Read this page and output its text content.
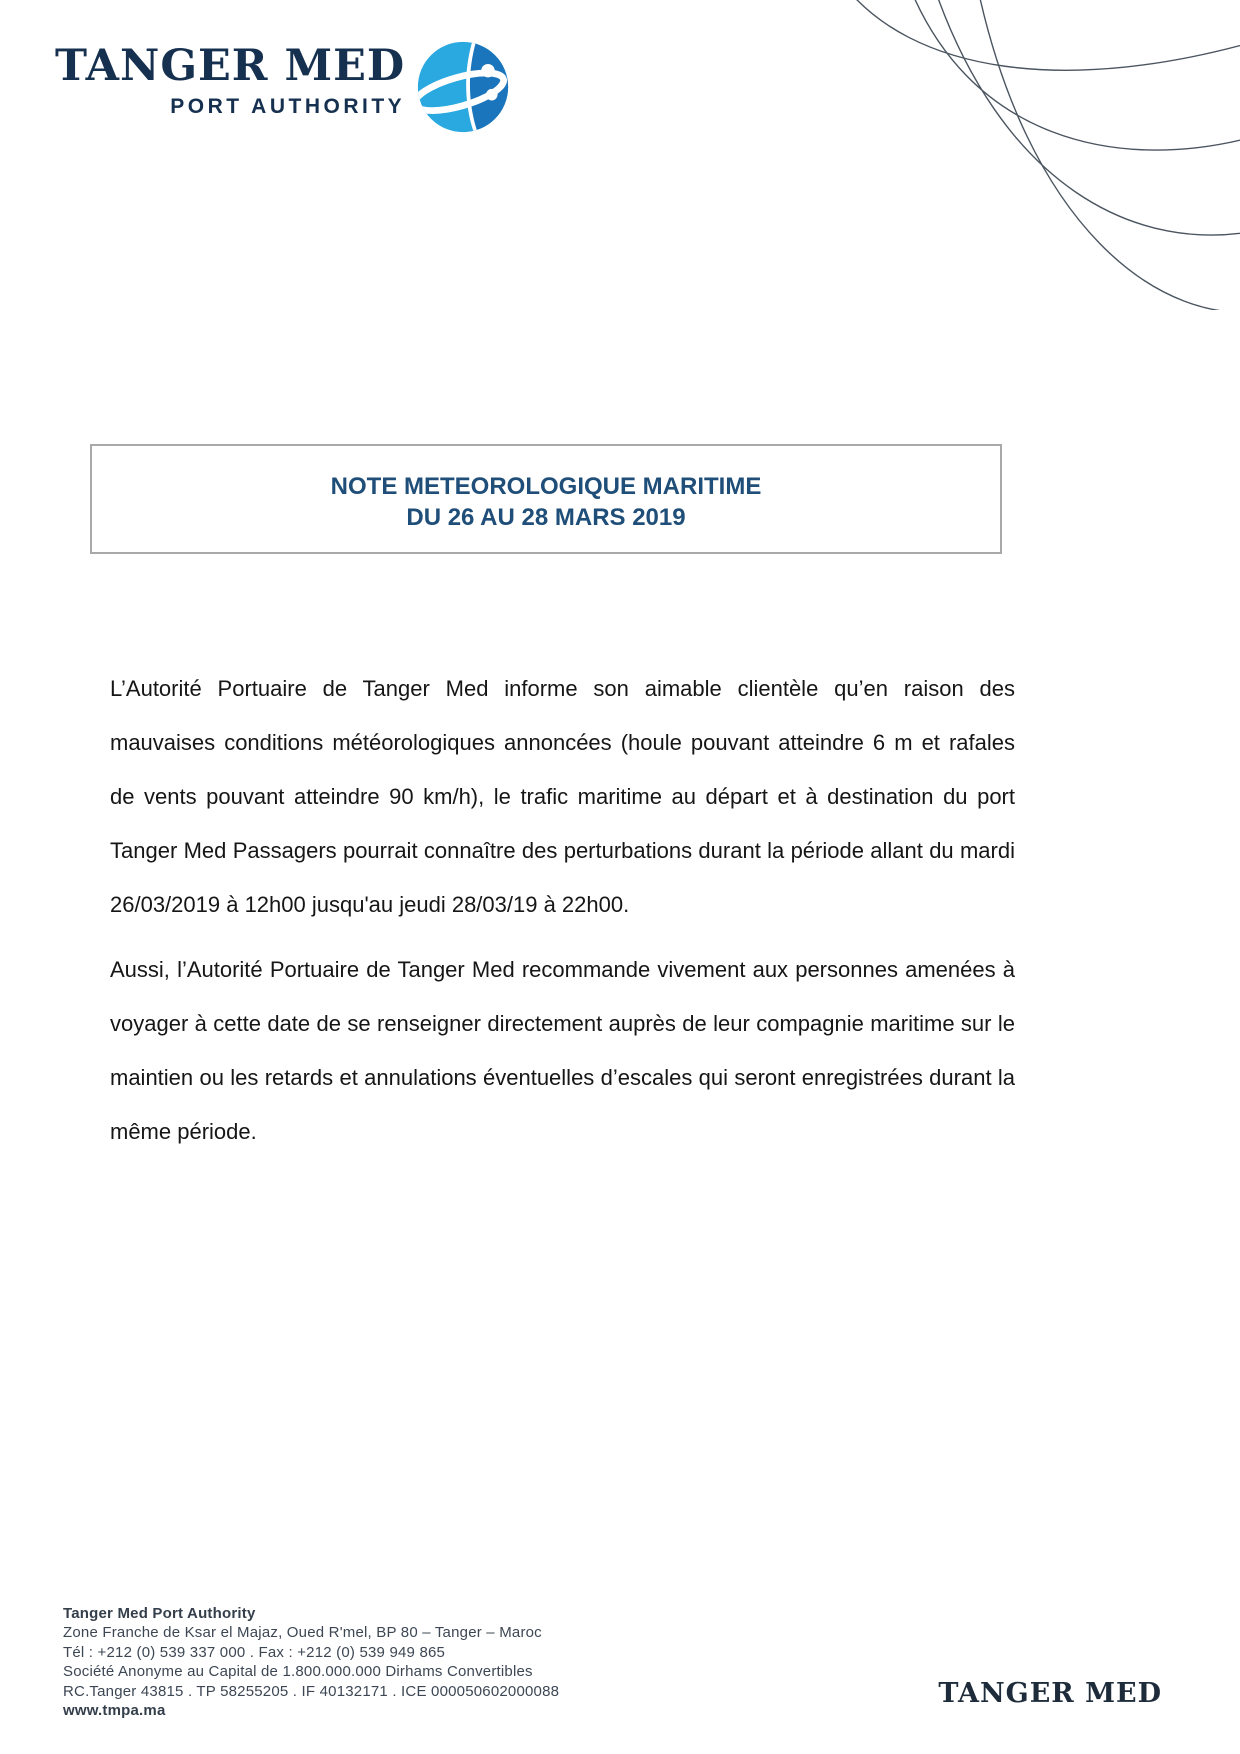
TANGER MED
PORT AUTHORITY
NOTE METEOROLOGIQUE MARITIME
DU 26 AU 28 MARS 2019

L’Autorité Portuaire de Tanger Med informe son aimable clientèle qu’en raison des mauvaises conditions météorologiques annoncées (houle pouvant atteindre 6 m et rafales de vents pouvant atteindre 90 km/h), le trafic maritime au départ et à destination du port Tanger Med Passagers pourrait connaître des perturbations durant la période allant du mardi 26/03/2019 à 12h00 jusqu'au jeudi 28/03/19 à 22h00.

Aussi, l’Autorité Portuaire de Tanger Med recommande vivement aux personnes amenées à voyager à cette date de se renseigner directement auprès de leur compagnie maritime sur le maintien ou les retards et annulations éventuelles d’escales qui seront enregistrées durant la même période.

Tanger Med Port Authority
Zone Franche de Ksar el Majaz, Oued R'mel, BP 80 – Tanger – Maroc
Tél : +212 (0) 539 337 000 . Fax : +212 (0) 539 949 865
Société Anonyme au Capital de 1.800.000.000 Dirhams Convertibles
RC.Tanger 43815 . TP 58255205 . IF 40132171 . ICE 000050602000088
www.tmpa.ma
TANGER MED
